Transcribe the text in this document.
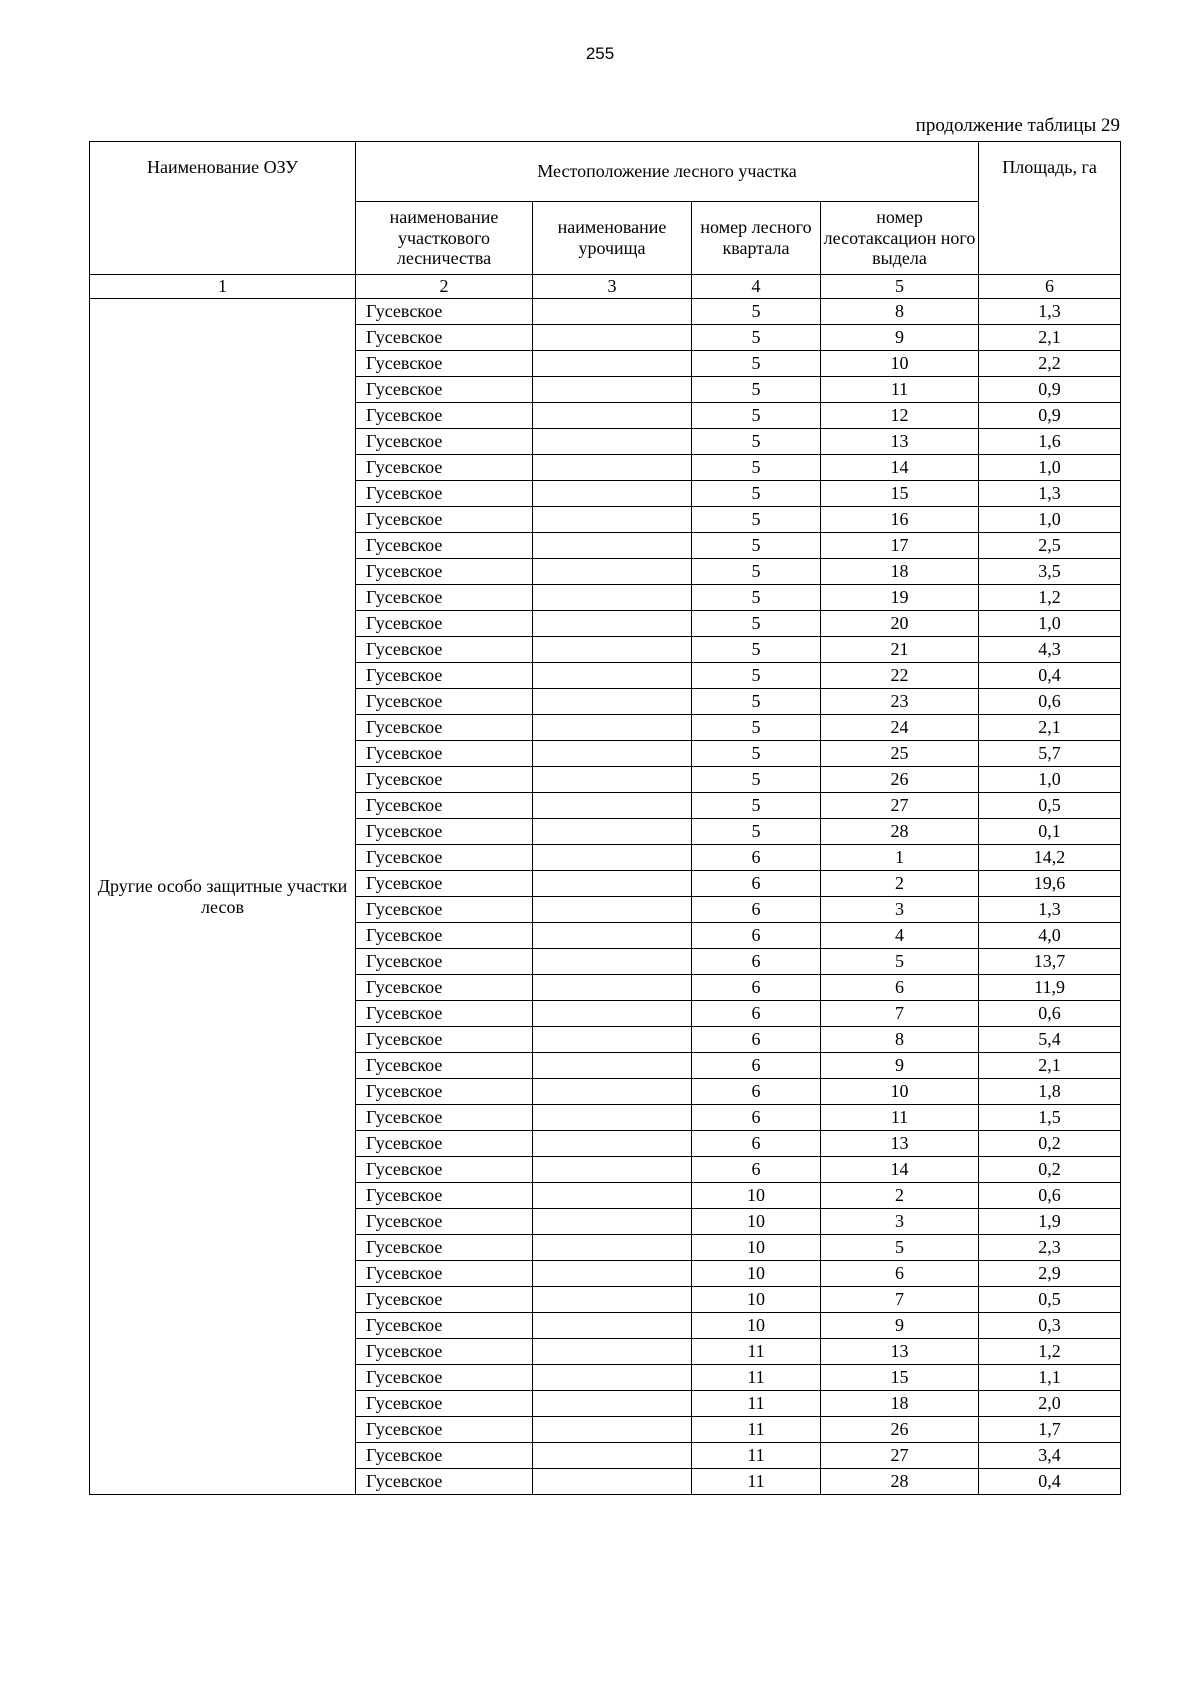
255
продолжение таблицы 29
Наименование ОЗУ	Местоположение лесного участка				Площадь, га
	наименование участкового лесничества	наименование урочища	номер лесного квартала	номер лесотаксацион ного выдела	
1	2	3	4	5	6
Другие особо защитные участки лесов	Гусевское		5	8	1,3
	Гусевское		5	9	2,1
	Гусевское		5	10	2,2
	Гусевское		5	11	0,9
	Гусевское		5	12	0,9
	Гусевское		5	13	1,6
	Гусевское		5	14	1,0
	Гусевское		5	15	1,3
	Гусевское		5	16	1,0
	Гусевское		5	17	2,5
	Гусевское		5	18	3,5
	Гусевское		5	19	1,2
	Гусевское		5	20	1,0
	Гусевское		5	21	4,3
	Гусевское		5	22	0,4
	Гусевское		5	23	0,6
	Гусевское		5	24	2,1
	Гусевское		5	25	5,7
	Гусевское		5	26	1,0
	Гусевское		5	27	0,5
	Гусевское		5	28	0,1
	Гусевское		6	1	14,2
	Гусевское		6	2	19,6
	Гусевское		6	3	1,3
	Гусевское		6	4	4,0
	Гусевское		6	5	13,7
	Гусевское		6	6	11,9
	Гусевское		6	7	0,6
	Гусевское		6	8	5,4
	Гусевское		6	9	2,1
	Гусевское		6	10	1,8
	Гусевское		6	11	1,5
	Гусевское		6	13	0,2
	Гусевское		6	14	0,2
	Гусевское		10	2	0,6
	Гусевское		10	3	1,9
	Гусевское		10	5	2,3
	Гусевское		10	6	2,9
	Гусевское		10	7	0,5
	Гусевское		10	9	0,3
	Гусевское		11	13	1,2
	Гусевское		11	15	1,1
	Гусевское		11	18	2,0
	Гусевское		11	26	1,7
	Гусевское		11	27	3,4
	Гусевское		11	28	0,4
